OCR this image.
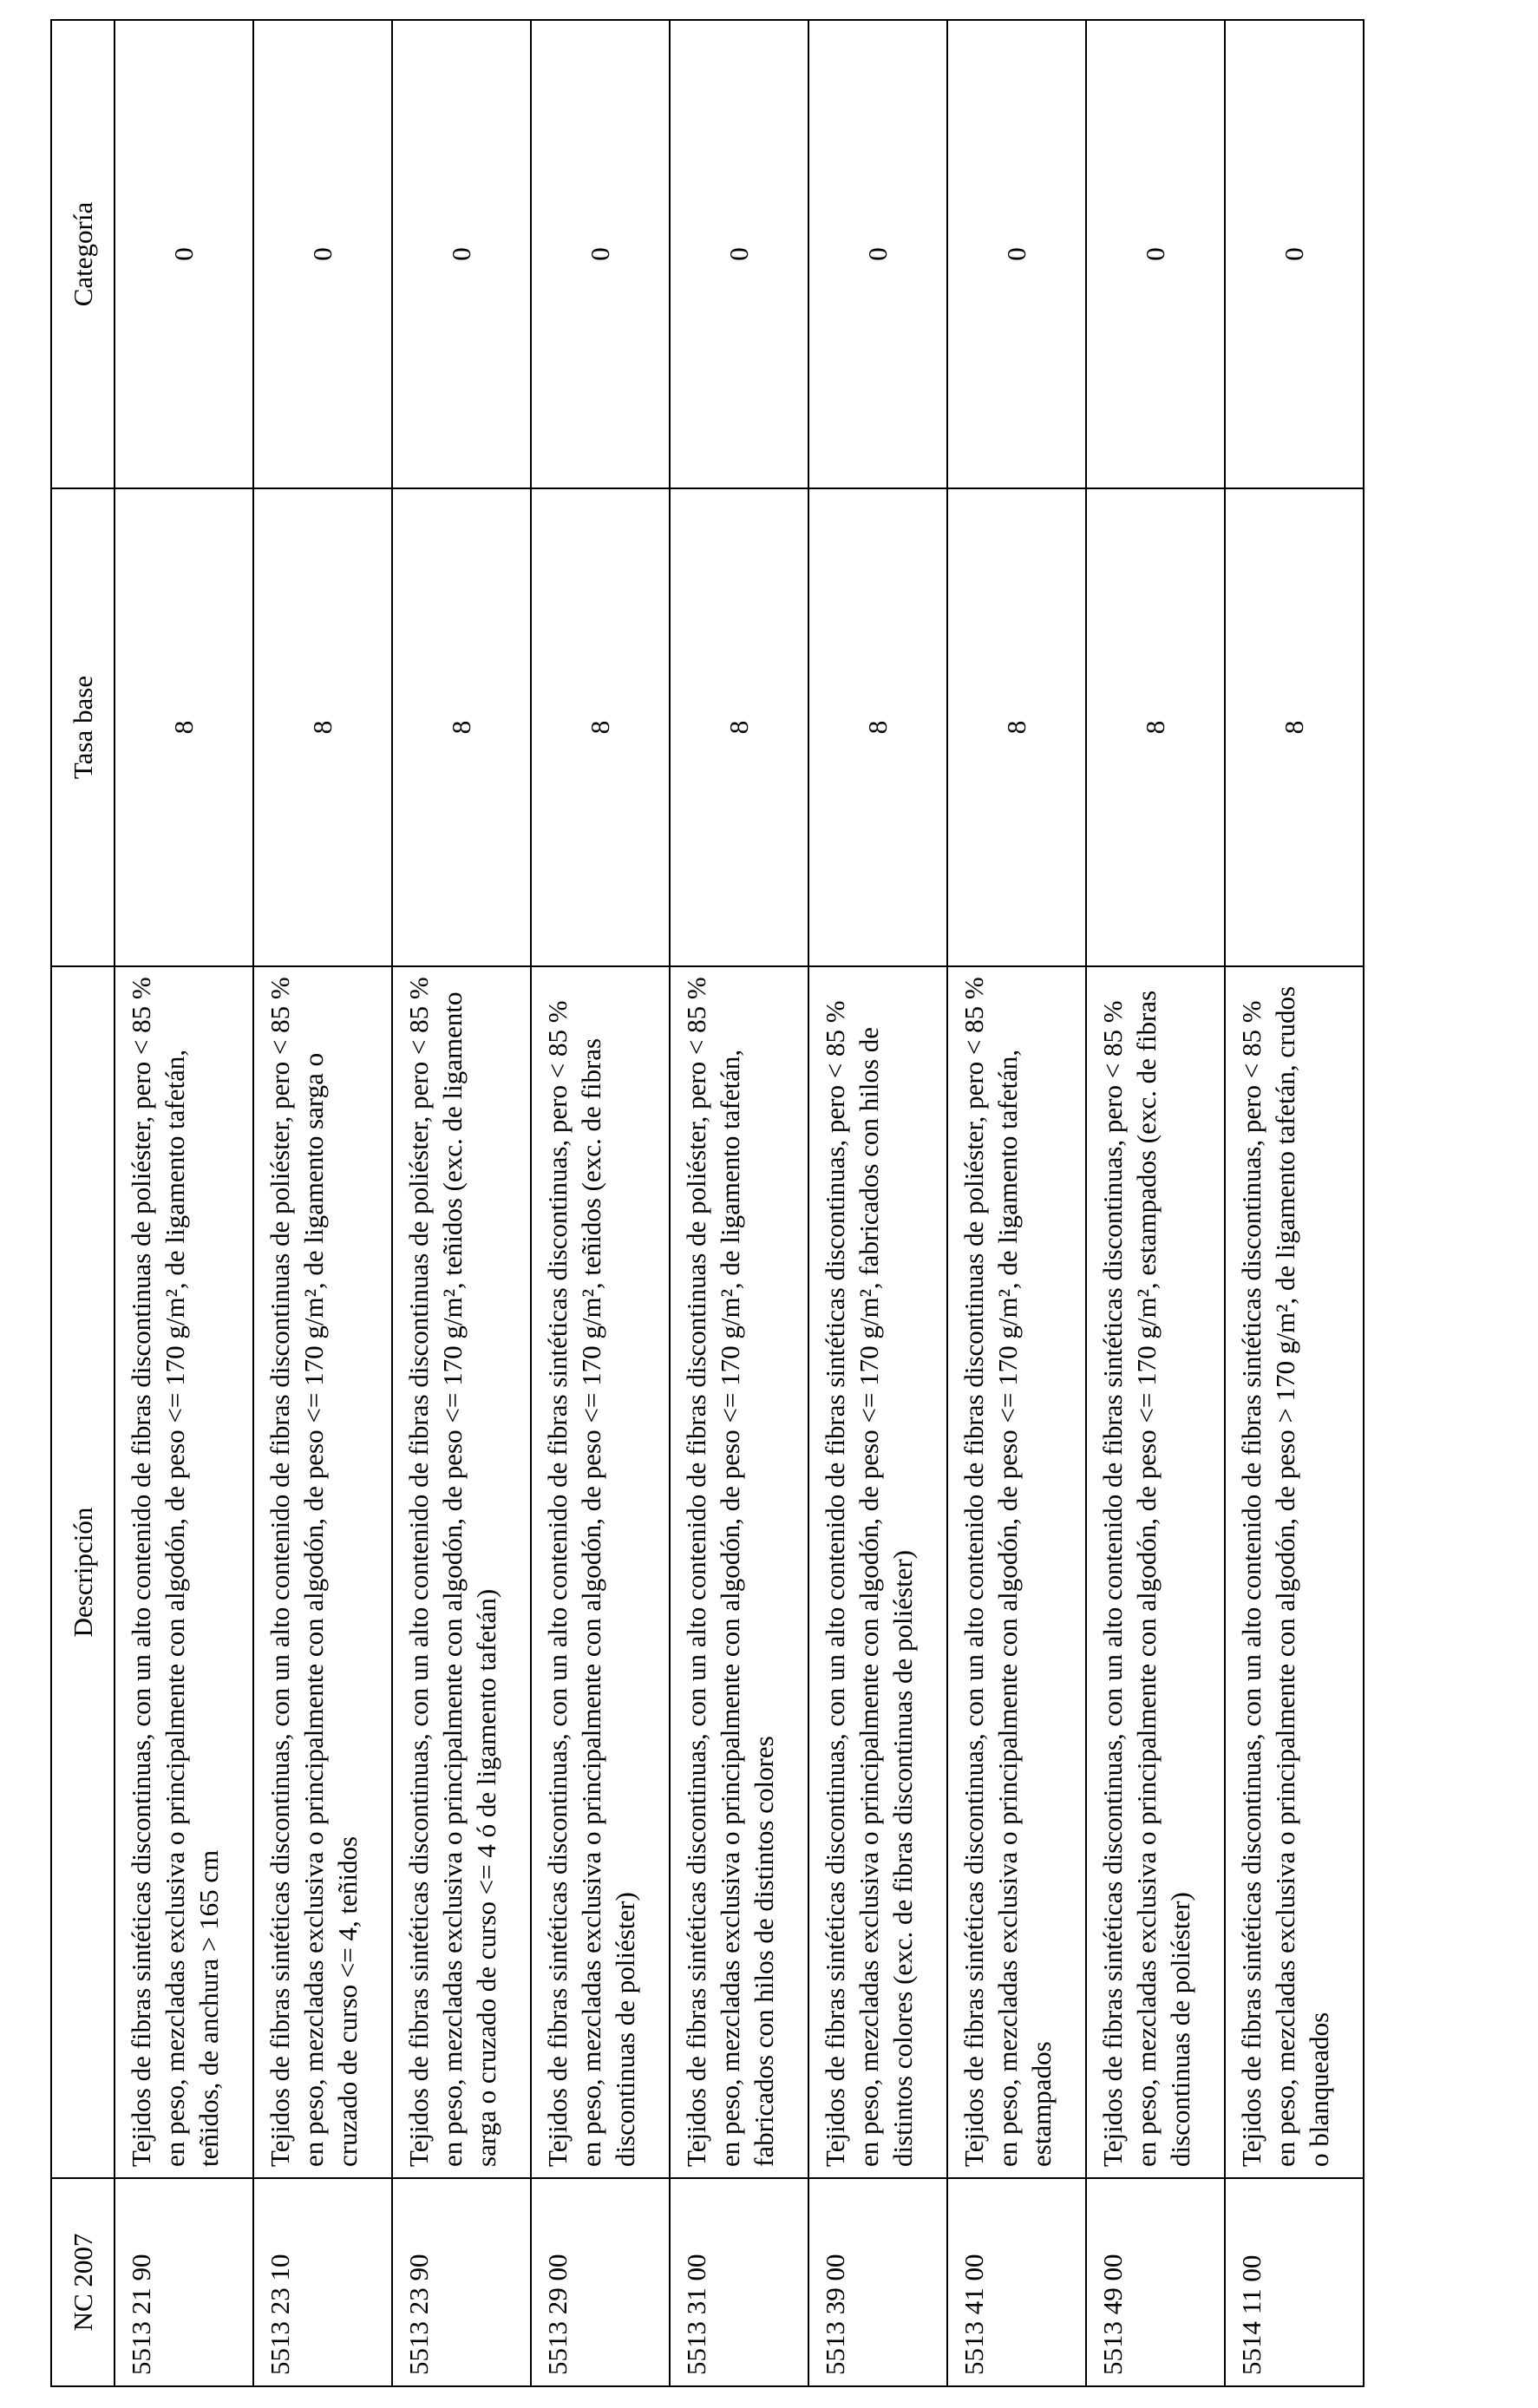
NC 2007	Descripción	Tasa base	Categoría
5513 21 90	Tejidos de fibras sintéticas discontinuas, con un alto contenido de fibras discontinuas de poliéster, pero < 85 % en peso, mezcladas exclusiva o principalmente con algodón, de peso <= 170 g/m², de ligamento tafetán, teñidos, de anchura > 165 cm	8	0
5513 23 10	Tejidos de fibras sintéticas discontinuas, con un alto contenido de fibras discontinuas de poliéster, pero < 85 % en peso, mezcladas exclusiva o principalmente con algodón, de peso <= 170 g/m², de ligamento sarga o cruzado de curso <= 4, teñidos	8	0
5513 23 90	Tejidos de fibras sintéticas discontinuas, con un alto contenido de fibras discontinuas de poliéster, pero < 85 % en peso, mezcladas exclusiva o principalmente con algodón, de peso <= 170 g/m², teñidos (exc. de ligamento sarga o cruzado de curso <= 4 ó de ligamento tafetán)	8	0
5513 29 00	Tejidos de fibras sintéticas discontinuas, con un alto contenido de fibras sintéticas discontinuas, pero < 85 % en peso, mezcladas exclusiva o principalmente con algodón, de peso <= 170 g/m², teñidos (exc. de fibras discontinuas de poliéster)	8	0
5513 31 00	Tejidos de fibras sintéticas discontinuas, con un alto contenido de fibras discontinuas de poliéster, pero < 85 % en peso, mezcladas exclusiva o principalmente con algodón, de peso <= 170 g/m², de ligamento tafetán, fabricados con hilos de distintos colores	8	0
5513 39 00	Tejidos de fibras sintéticas discontinuas, con un alto contenido de fibras sintéticas discontinuas, pero < 85 % en peso, mezcladas exclusiva o principalmente con algodón, de peso <= 170 g/m², fabricados con hilos de distintos colores (exc. de fibras discontinuas de poliéster)	8	0
5513 41 00	Tejidos de fibras sintéticas discontinuas, con un alto contenido de fibras discontinuas de poliéster, pero < 85 % en peso, mezcladas exclusiva o principalmente con algodón, de peso <= 170 g/m², de ligamento tafetán, estampados	8	0
5513 49 00	Tejidos de fibras sintéticas discontinuas, con un alto contenido de fibras sintéticas discontinuas, pero < 85 % en peso, mezcladas exclusiva o principalmente con algodón, de peso <= 170 g/m², estampados (exc. de fibras discontinuas de poliéster)	8	0
5514 11 00	Tejidos de fibras sintéticas discontinuas, con un alto contenido de fibras sintéticas discontinuas, pero < 85 % en peso, mezcladas exclusiva o principalmente con algodón, de peso > 170 g/m², de ligamento tafetán, crudos o blanqueados	8	0
